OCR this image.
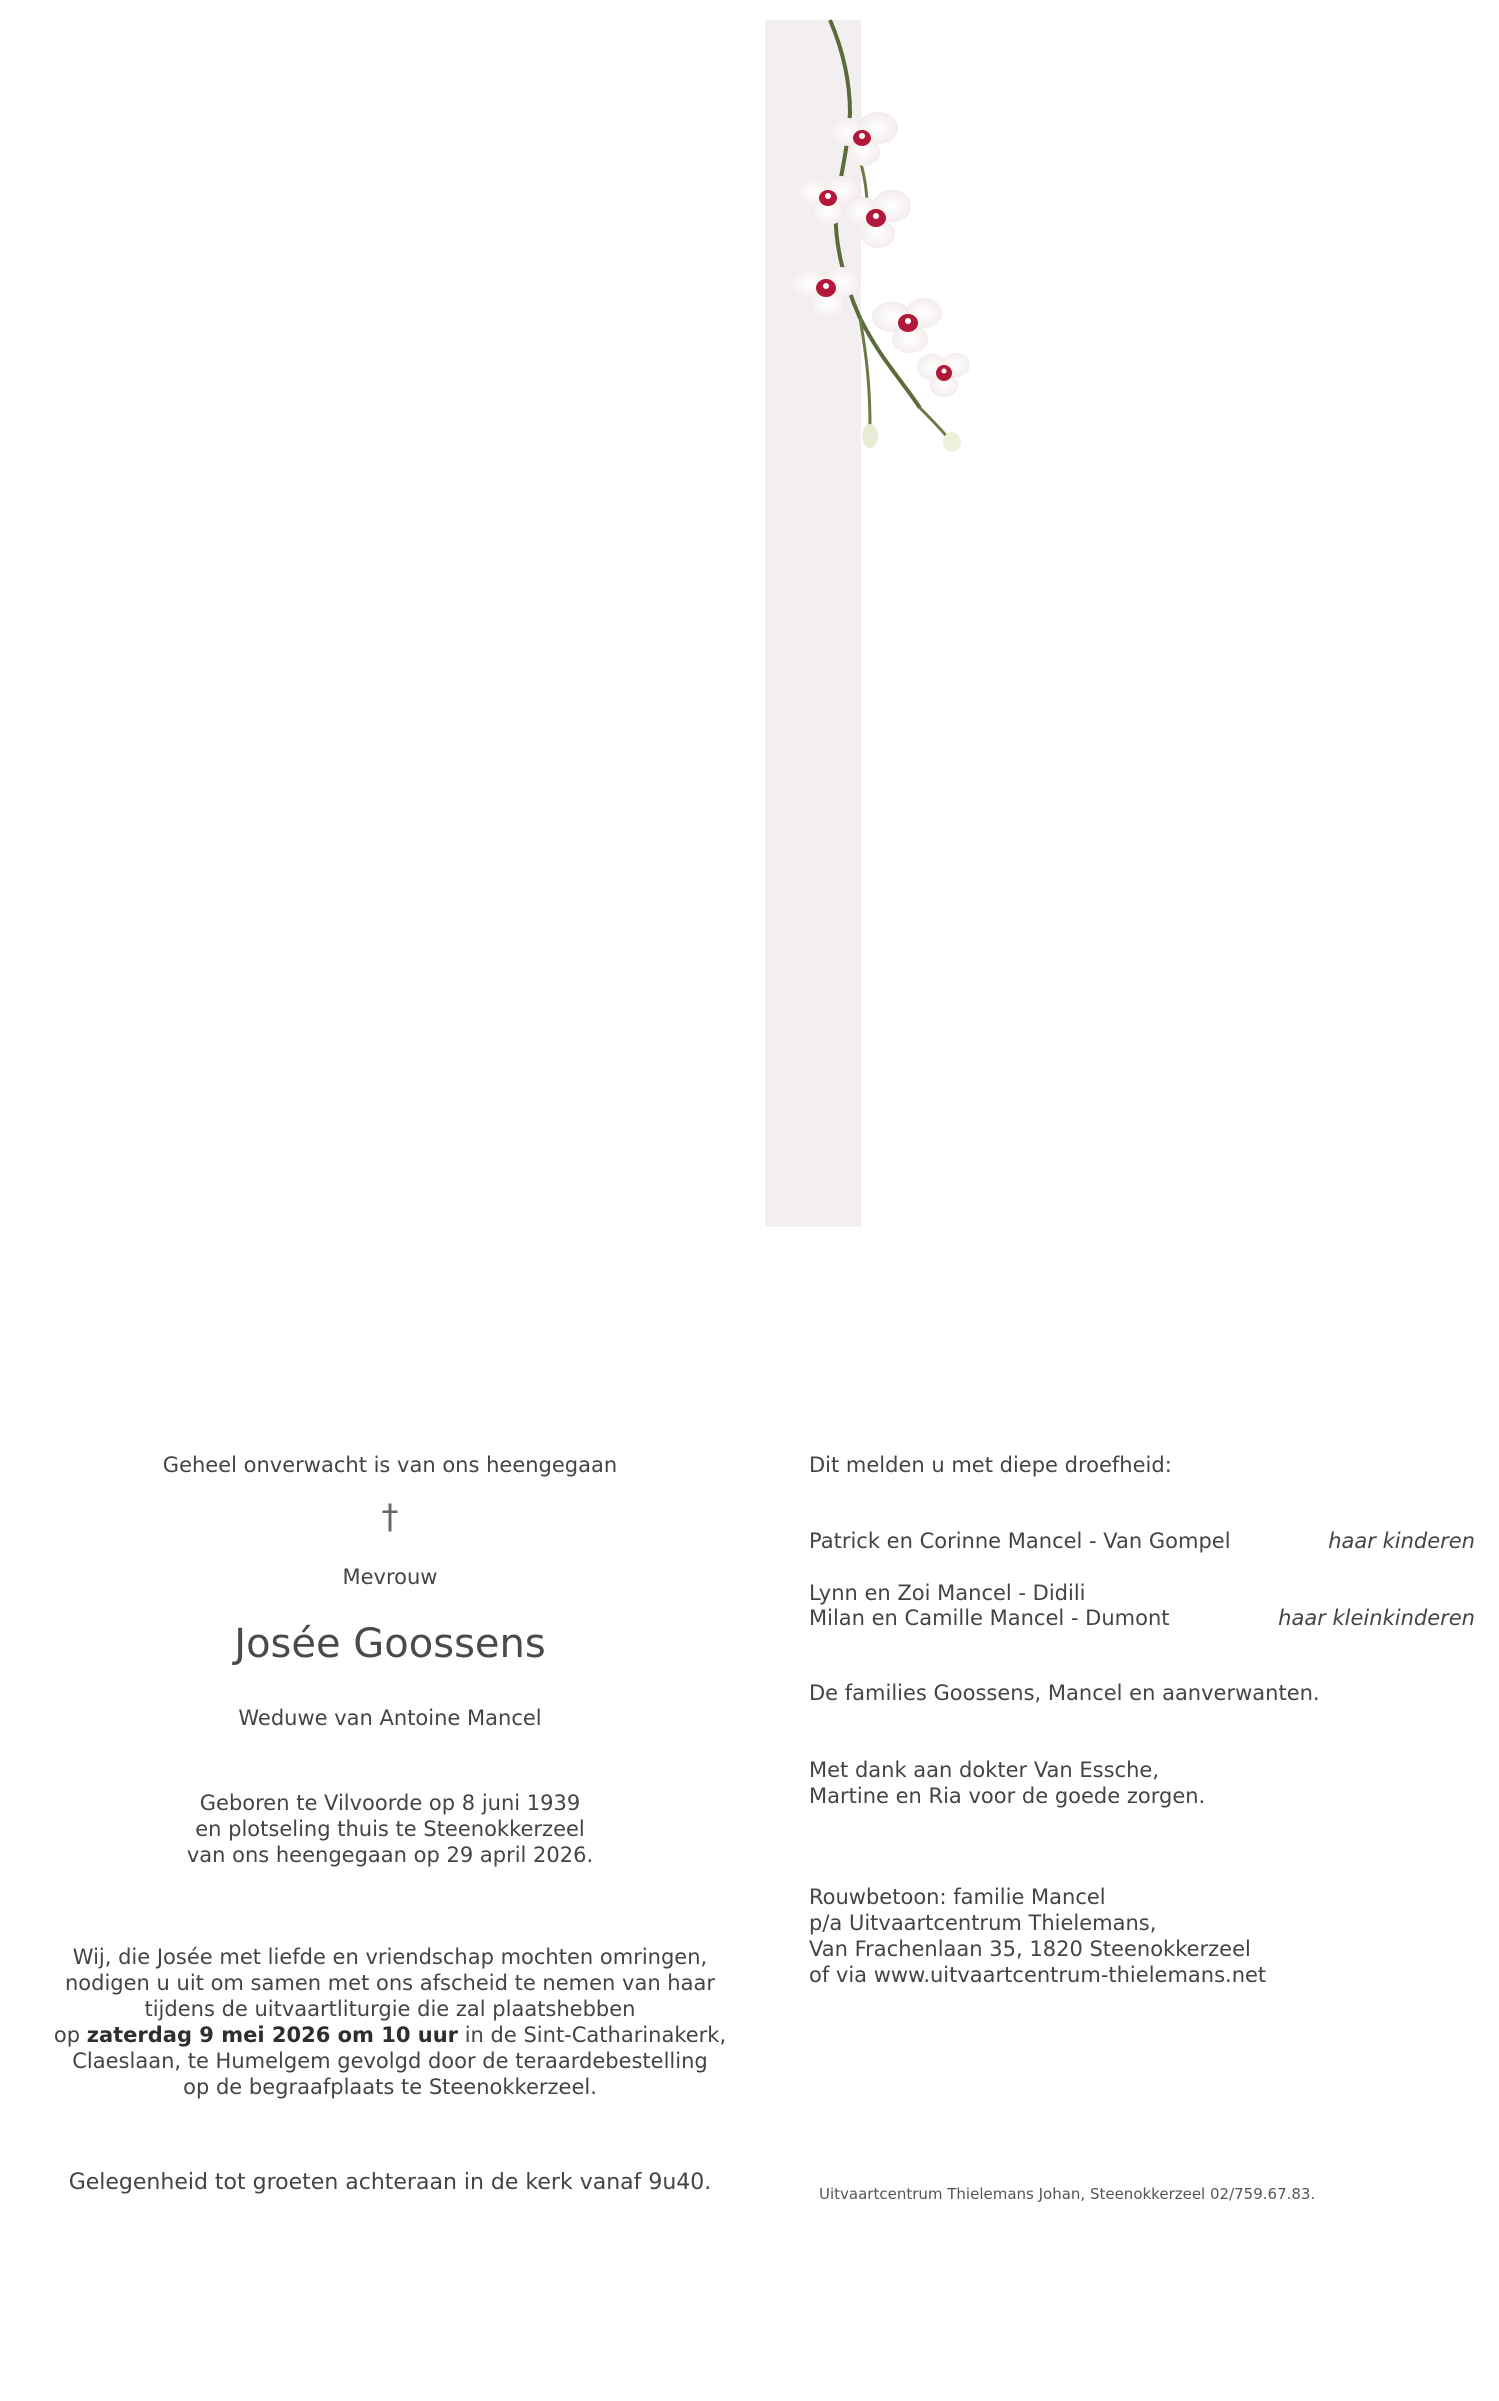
Geheel onverwacht is van ons heengegaan
†
Mevrouw
Josée Goossens
Weduwe van Antoine Mancel
Geboren te Vilvoorde op 8 juni 1939
en plotseling thuis te Steenokkerzeel
van ons heengegaan op 29 april 2026.
Wij, die Josée met liefde en vriendschap mochten omringen,
nodigen u uit om samen met ons afscheid te nemen van haar
tijdens de uitvaartliturgie die zal plaatshebben
op zaterdag 9 mei 2026 om 10 uur in de Sint-Catharinakerk,
Claeslaan, te Humelgem gevolgd door de teraardebestelling
op de begraafplaats te Steenokkerzeel.
Gelegenheid tot groeten achteraan in de kerk vanaf 9u40.
Dit melden u met diepe droefheid:
Patrick en Corinne Mancel - Van Gompel	haar kinderen
Lynn en Zoi Mancel - Didili
Milan en Camille Mancel - Dumont	haar kleinkinderen
De families Goossens, Mancel en aanverwanten.
Met dank aan dokter Van Essche,
Martine en Ria voor de goede zorgen.
Rouwbetoon: familie Mancel
p/a Uitvaartcentrum Thielemans,
Van Frachenlaan 35, 1820 Steenokkerzeel
of via www.uitvaartcentrum-thielemans.net
Uitvaartcentrum Thielemans Johan, Steenokkerzeel 02/759.67.83.
